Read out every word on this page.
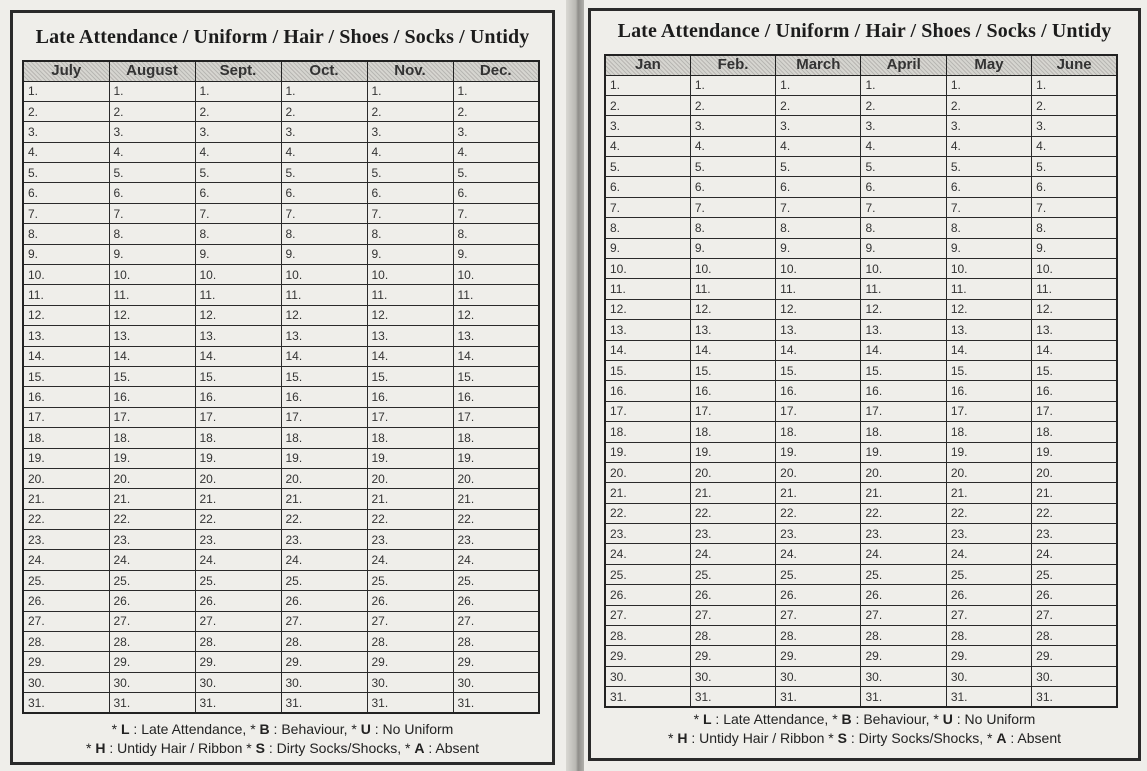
Late Attendance / Uniform / Hair / Shoes / Socks / Untidy
July	August	Sept.	Oct.	Nov.	Dec.
1.	1.	1.	1.	1.	1.
2.	2.	2.	2.	2.	2.
3.	3.	3.	3.	3.	3.
4.	4.	4.	4.	4.	4.
5.	5.	5.	5.	5.	5.
6.	6.	6.	6.	6.	6.
7.	7.	7.	7.	7.	7.
8.	8.	8.	8.	8.	8.
9.	9.	9.	9.	9.	9.
10.	10.	10.	10.	10.	10.
11.	11.	11.	11.	11.	11.
12.	12.	12.	12.	12.	12.
13.	13.	13.	13.	13.	13.
14.	14.	14.	14.	14.	14.
15.	15.	15.	15.	15.	15.
16.	16.	16.	16.	16.	16.
17.	17.	17.	17.	17.	17.
18.	18.	18.	18.	18.	18.
19.	19.	19.	19.	19.	19.
20.	20.	20.	20.	20.	20.
21.	21.	21.	21.	21.	21.
22.	22.	22.	22.	22.	22.
23.	23.	23.	23.	23.	23.
24.	24.	24.	24.	24.	24.
25.	25.	25.	25.	25.	25.
26.	26.	26.	26.	26.	26.
27.	27.	27.	27.	27.	27.
28.	28.	28.	28.	28.	28.
29.	29.	29.	29.	29.	29.
30.	30.	30.	30.	30.	30.
31.	31.	31.	31.	31.	31.
* L : Late Attendance, * B : Behaviour, * U : No Uniform
* H : Untidy Hair / Ribbon * S : Dirty Socks/Shocks, * A : Absent
Late Attendance / Uniform / Hair / Shoes / Socks / Untidy
Jan	Feb.	March	April	May	June
1.	1.	1.	1.	1.	1.
2.	2.	2.	2.	2.	2.
3.	3.	3.	3.	3.	3.
4.	4.	4.	4.	4.	4.
5.	5.	5.	5.	5.	5.
6.	6.	6.	6.	6.	6.
7.	7.	7.	7.	7.	7.
8.	8.	8.	8.	8.	8.
9.	9.	9.	9.	9.	9.
10.	10.	10.	10.	10.	10.
11.	11.	11.	11.	11.	11.
12.	12.	12.	12.	12.	12.
13.	13.	13.	13.	13.	13.
14.	14.	14.	14.	14.	14.
15.	15.	15.	15.	15.	15.
16.	16.	16.	16.	16.	16.
17.	17.	17.	17.	17.	17.
18.	18.	18.	18.	18.	18.
19.	19.	19.	19.	19.	19.
20.	20.	20.	20.	20.	20.
21.	21.	21.	21.	21.	21.
22.	22.	22.	22.	22.	22.
23.	23.	23.	23.	23.	23.
24.	24.	24.	24.	24.	24.
25.	25.	25.	25.	25.	25.
26.	26.	26.	26.	26.	26.
27.	27.	27.	27.	27.	27.
28.	28.	28.	28.	28.	28.
29.	29.	29.	29.	29.	29.
30.	30.	30.	30.	30.	30.
31.	31.	31.	31.	31.	31.
* L : Late Attendance, * B : Behaviour, * U : No Uniform
* H : Untidy Hair / Ribbon * S : Dirty Socks/Shocks, * A : Absent
